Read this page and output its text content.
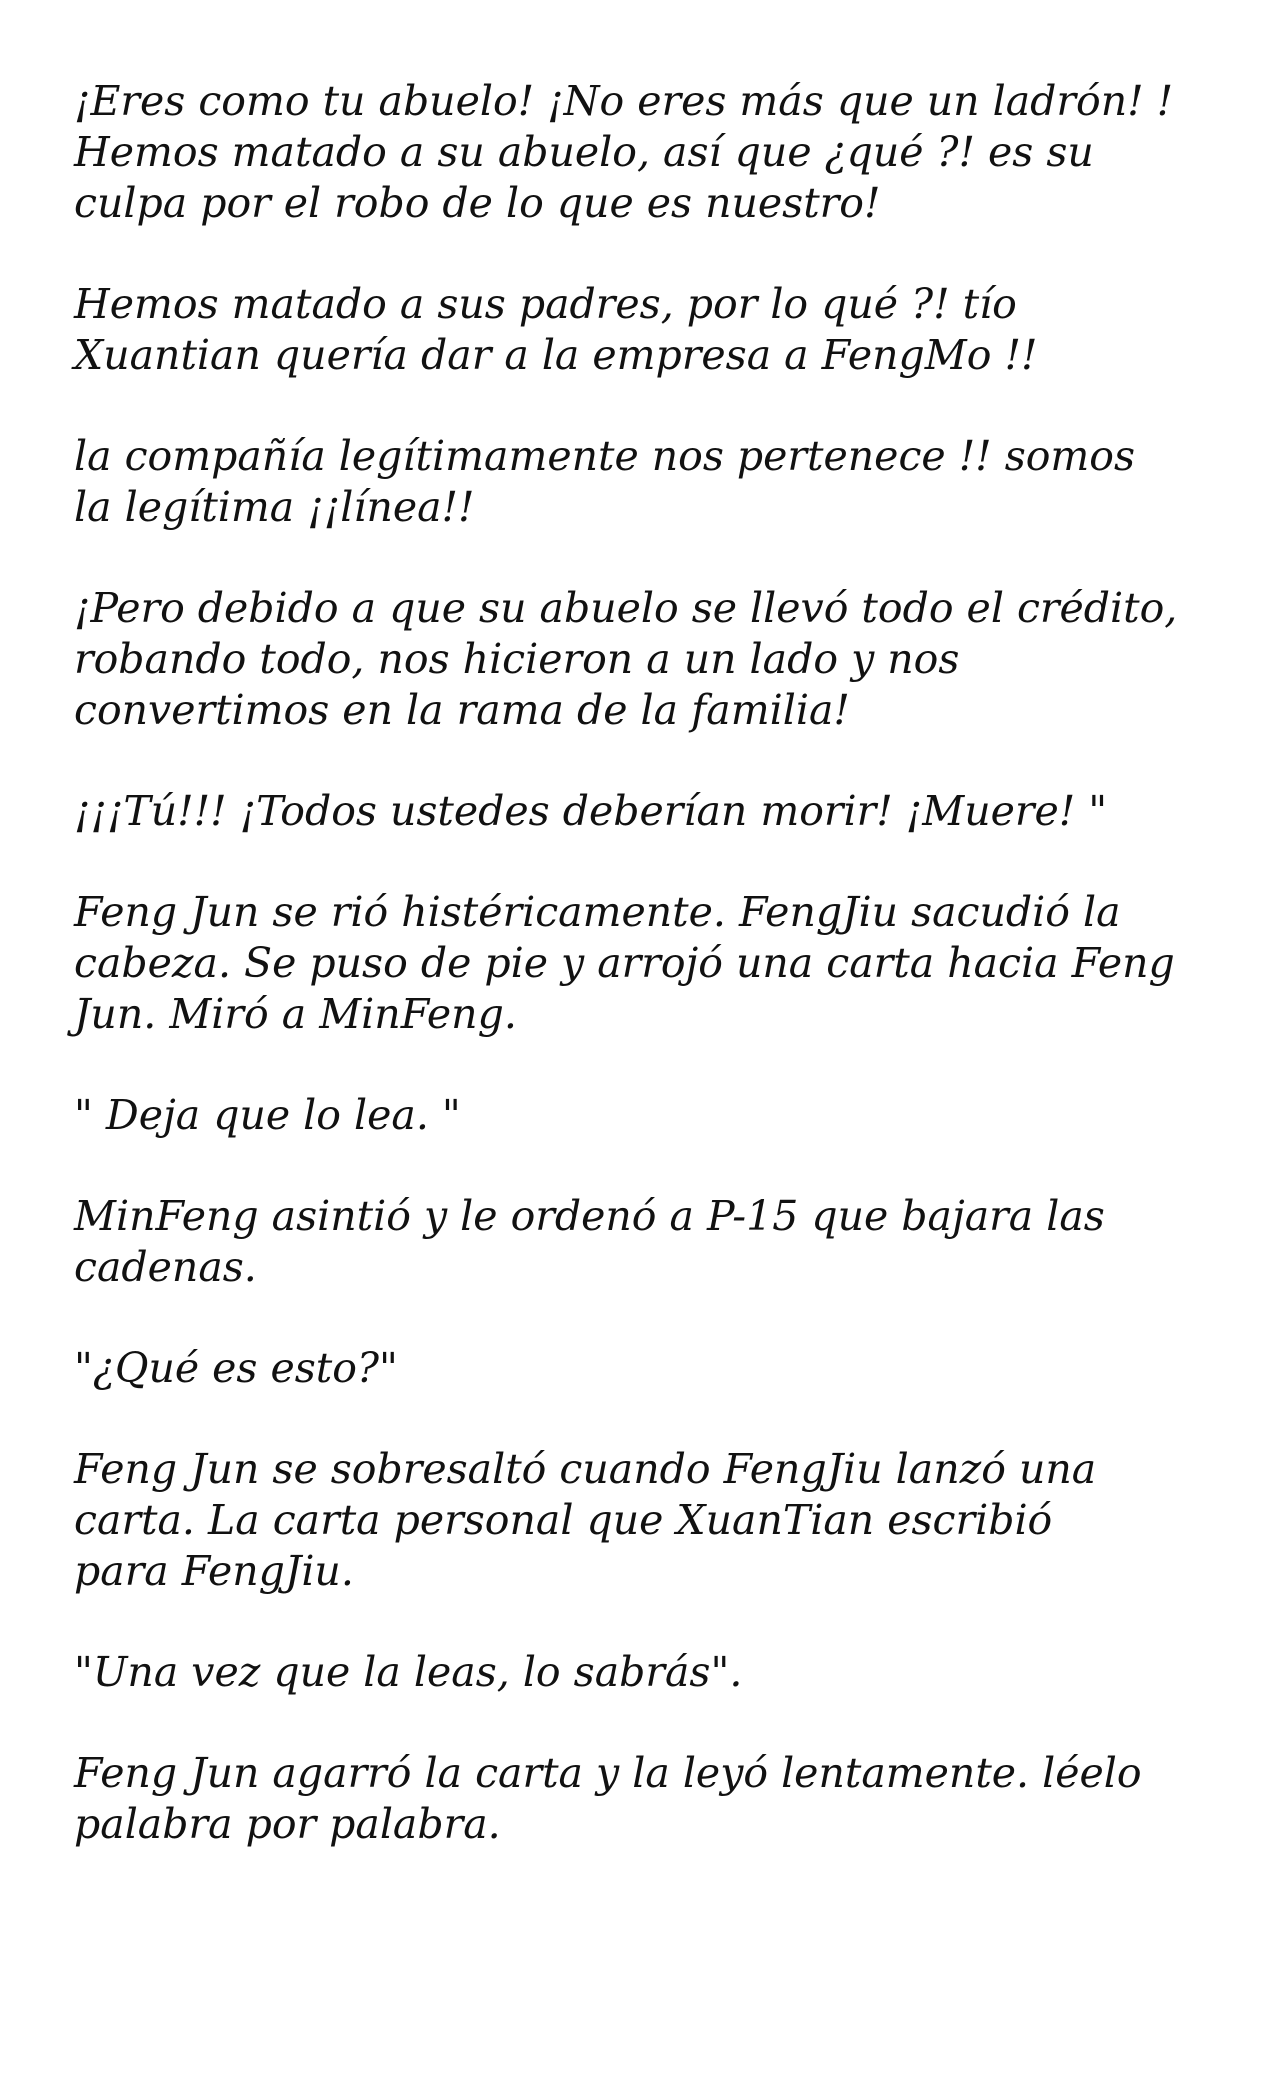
¡Eres como tu abuelo! ¡No eres más que un ladrón! !
Hemos matado a su abuelo, así que ¿qué ?! es su
culpa por el robo de lo que es nuestro!

Hemos matado a sus padres, por lo qué ?! tío
Xuantian quería dar a la empresa a FengMo !!

la compañía legítimamente nos pertenece !! somos
la legítima ¡¡línea!!

¡Pero debido a que su abuelo se llevó todo el crédito,
robando todo, nos hicieron a un lado y nos
convertimos en la rama de la familia!

¡¡¡Tú!!! ¡Todos ustedes deberían morir! ¡Muere! "

Feng Jun se rió histéricamente. FengJiu sacudió la
cabeza. Se puso de pie y arrojó una carta hacia Feng
Jun. Miró a MinFeng.

" Deja que lo lea. "

MinFeng asintió y le ordenó a P-15 que bajara las
cadenas.

"¿Qué es esto?"

Feng Jun se sobresaltó cuando FengJiu lanzó una
carta. La carta personal que XuanTian escribió
para FengJiu.

"Una vez que la leas, lo sabrás".

Feng Jun agarró la carta y la leyó lentamente. léelo
palabra por palabra.
